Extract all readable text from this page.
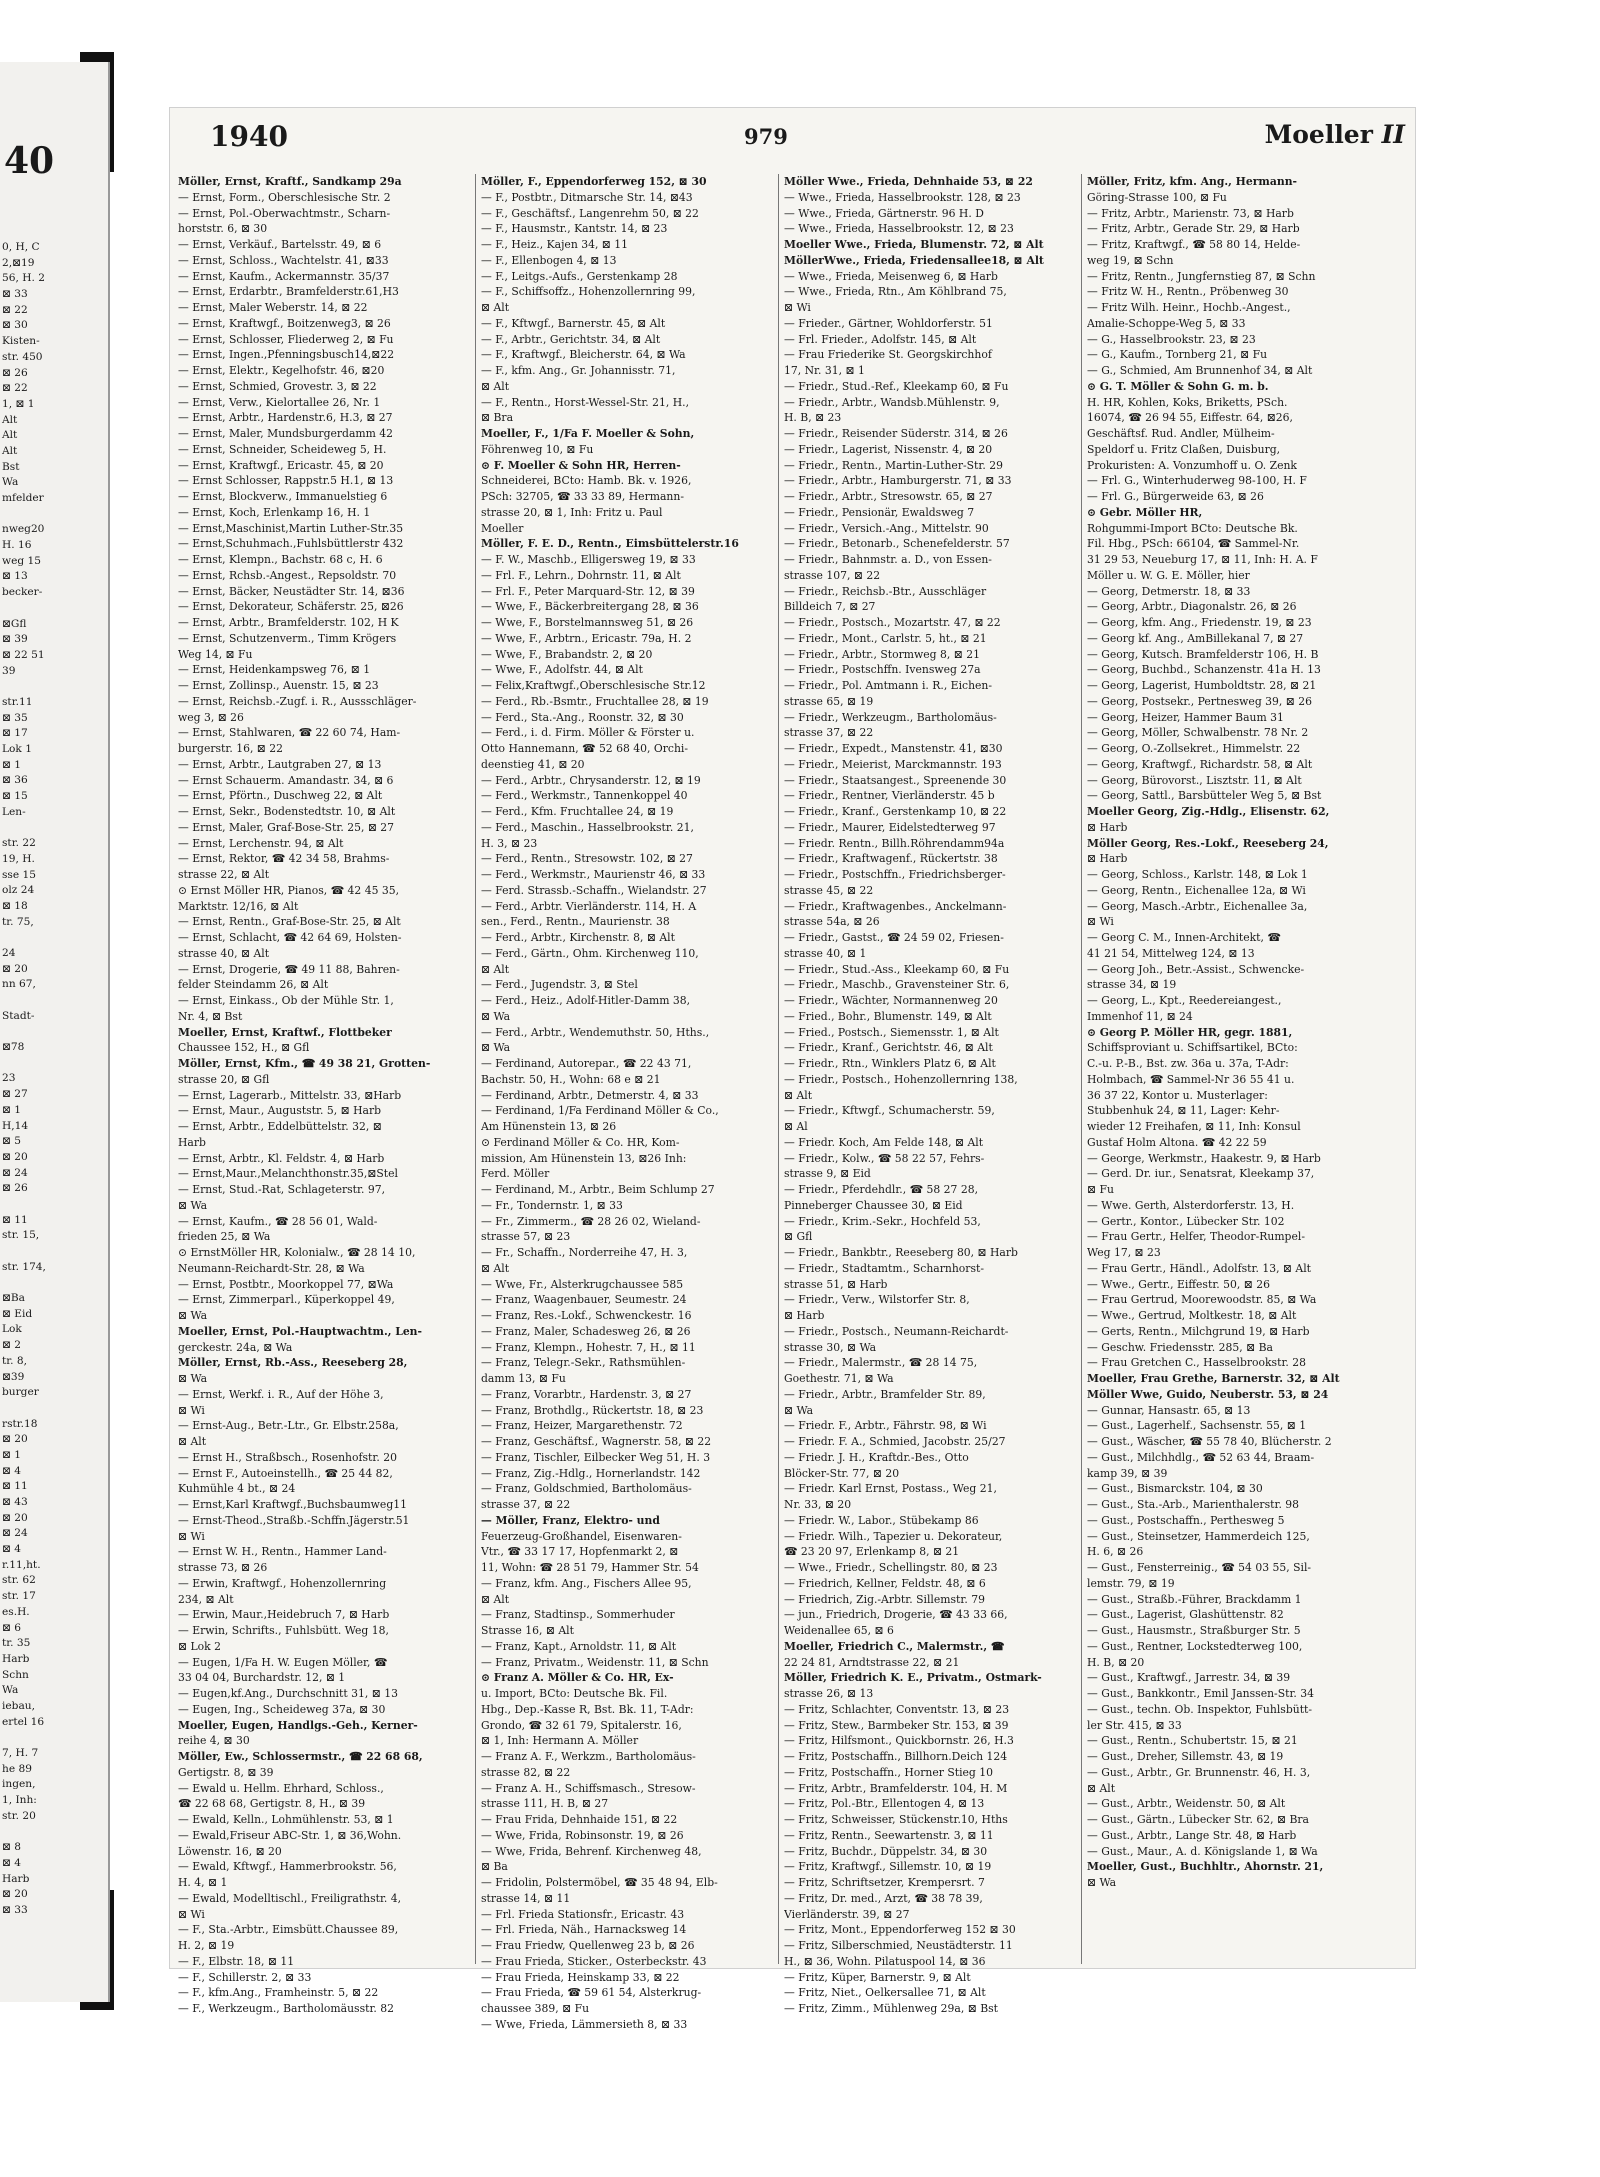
40
0, H, C
2,⊠19
56, H. 2
⊠ 33
⊠ 22
⊠ 30
Kisten-
str. 450
⊠ 26
⊠ 22
1, ⊠ 1
Alt
Alt
Alt
Bst
Wa
mfelder
nweg20
H. 16
weg 15
⊠ 13
becker-
⊠Gfl
⊠ 39
⊠ 22 51
39
str.11
⊠ 35
⊠ 17
Lok 1
⊠ 1
⊠ 36
⊠ 15
Len-
str. 22
19, H.
sse 15
olz 24
⊠ 18
tr. 75,
24
⊠ 20
nn 67,
Stadt-
⊠78
23
⊠ 27
⊠ 1
H,14
⊠ 5
⊠ 20
⊠ 24
⊠ 26
⊠ 11
str. 15,
str. 174,
⊠Ba
⊠ Eid
Lok
⊠ 2
tr. 8,
⊠39
burger
rstr.18
⊠ 20
⊠ 1
⊠ 4
⊠ 11
⊠ 43
⊠ 20
⊠ 24
⊠ 4
r.11,ht.
str. 62
str. 17
es.H.
⊠ 6
tr. 35
Harb
Schn
Wa
iebau,
ertel 16
7, H. 7
he 89
ingen,
1, Inh:
str. 20
⊠ 8
⊠ 4
Harb
⊠ 20
⊠ 33
1940	979	Moeller II
Möller, Ernst, Kraftf., Sandkamp 29a
— Ernst, Form., Oberschlesische Str. 2
— Ernst, Pol.-Oberwachtmstr., Scharn-
horststr. 6, ⊠ 30
— Ernst, Verkäuf., Bartelsstr. 49, ⊠ 6
— Ernst, Schloss., Wachtelstr. 41, ⊠33
— Ernst, Kaufm., Ackermannstr. 35/37
— Ernst, Erdarbtr., Bramfelderstr.61,H3
— Ernst, Maler Weberstr. 14, ⊠ 22
— Ernst, Kraftwgf., Boitzenweg3, ⊠ 26
— Ernst, Schlosser, Fliederweg 2, ⊠ Fu
— Ernst, Ingen.,Pfenningsbusch14,⊠22
— Ernst, Elektr., Kegelhofstr. 46, ⊠20
— Ernst, Schmied, Grovestr. 3, ⊠ 22
— Ernst, Verw., Kielortallee 26, Nr. 1
— Ernst, Arbtr., Hardenstr.6, H.3, ⊠ 27
— Ernst, Maler, Mundsburgerdamm 42
— Ernst, Schneider, Scheideweg 5, H.
— Ernst, Kraftwgf., Ericastr. 45, ⊠ 20
— Ernst Schlosser, Rappstr.5 H.1, ⊠ 13
— Ernst, Blockverw., Immanuelstieg 6
— Ernst, Koch, Erlenkamp 16, H. 1
— Ernst,Maschinist,Martin Luther-Str.35
— Ernst,Schuhmach.,Fuhlsbüttlerstr 432
— Ernst, Klempn., Bachstr. 68 c, H. 6
— Ernst, Rchsb.-Angest., Repsoldstr. 70
— Ernst, Bäcker, Neustädter Str. 14, ⊠36
— Ernst, Dekorateur, Schäferstr. 25, ⊠26
— Ernst, Arbtr., Bramfelderstr. 102, H K
— Ernst, Schutzenverm., Timm Krögers
Weg 14, ⊠ Fu
— Ernst, Heidenkampsweg 76, ⊠ 1
— Ernst, Zollinsp., Auenstr. 15, ⊠ 23
— Ernst, Reichsb.-Zugf. i. R., Aussschläger-
weg 3, ⊠ 26
— Ernst, Stahlwaren, ☎ 22 60 74, Ham-
burgerstr. 16, ⊠ 22
— Ernst, Arbtr., Lautgraben 27, ⊠ 13
— Ernst Schauerm. Amandastr. 34, ⊠ 6
— Ernst, Pförtn., Duschweg 22, ⊠ Alt
— Ernst, Sekr., Bodenstedtstr. 10, ⊠ Alt
— Ernst, Maler, Graf-Bose-Str. 25, ⊠ 27
— Ernst, Lerchenstr. 94, ⊠ Alt
— Ernst, Rektor, ☎ 42 34 58, Brahms-
strasse 22, ⊠ Alt
⊙ Ernst Möller HR, Pianos, ☎ 42 45 35,
Marktstr. 12/16, ⊠ Alt
— Ernst, Rentn., Graf-Bose-Str. 25, ⊠ Alt
— Ernst, Schlacht, ☎ 42 64 69, Holsten-
strasse 40, ⊠ Alt
— Ernst, Drogerie, ☎ 49 11 88, Bahren-
felder Steindamm 26, ⊠ Alt
— Ernst, Einkass., Ob der Mühle Str. 1,
Nr. 4, ⊠ Bst
Moeller, Ernst, Kraftwf., Flottbeker
Chaussee 152, H., ⊠ Gfl
Möller, Ernst, Kfm., ☎ 49 38 21, Grotten-
strasse 20, ⊠ Gfl
— Ernst, Lagerarb., Mittelstr. 33, ⊠Harb
— Ernst, Maur., Auguststr. 5, ⊠ Harb
— Ernst, Arbtr., Eddelbüttelstr. 32, ⊠
Harb
— Ernst, Arbtr., Kl. Feldstr. 4, ⊠ Harb
— Ernst,Maur.,Melanchthonstr.35,⊠Stel
— Ernst, Stud.-Rat, Schlageterstr. 97,
⊠ Wa
— Ernst, Kaufm., ☎ 28 56 01, Wald-
frieden 25, ⊠ Wa
⊙ ErnstMöller HR, Kolonialw., ☎ 28 14 10,
Neumann-Reichardt-Str. 28, ⊠ Wa
— Ernst, Postbtr., Moorkoppel 77, ⊠Wa
— Ernst, Zimmerparl., Küperkoppel 49,
⊠ Wa
Moeller, Ernst, Pol.-Hauptwachtm., Len-
gerckestr. 24a, ⊠ Wa
Möller, Ernst, Rb.-Ass., Reeseberg 28,
⊠ Wa
— Ernst, Werkf. i. R., Auf der Höhe 3,
⊠ Wi
— Ernst-Aug., Betr.-Ltr., Gr. Elbstr.258a,
⊠ Alt
— Ernst H., Straßbsch., Rosenhofstr. 20
— Ernst F., Autoeinstellh., ☎ 25 44 82,
Kuhmühle 4 bt., ⊠ 24
— Ernst,Karl Kraftwgf.,Buchsbaumweg11
— Ernst-Theod.,Straßb.-Schffn.Jägerstr.51
⊠ Wi
— Ernst W. H., Rentn., Hammer Land-
strasse 73, ⊠ 26
— Erwin, Kraftwgf., Hohenzollernring
234, ⊠ Alt
— Erwin, Maur.,Heidebruch 7, ⊠ Harb
— Erwin, Schrifts., Fuhlsbütt. Weg 18,
⊠ Lok 2
— Eugen, 1/Fa H. W. Eugen Möller, ☎
33 04 04, Burchardstr. 12, ⊠ 1
— Eugen,kf.Ang., Durchschnitt 31, ⊠ 13
— Eugen, Ing., Scheideweg 37a, ⊠ 30
Moeller, Eugen, Handlgs.-Geh., Kerner-
reihe 4, ⊠ 30
Möller, Ew., Schlossermstr., ☎ 22 68 68,
Gertigstr. 8, ⊠ 39
— Ewald u. Hellm. Ehrhard, Schloss.,
☎ 22 68 68, Gertigstr. 8, H., ⊠ 39
— Ewald, Kelln., Lohmühlenstr. 53, ⊠ 1
— Ewald,Friseur ABC-Str. 1, ⊠ 36,Wohn.
Löwenstr. 16, ⊠ 20
— Ewald, Kftwgf., Hammerbrookstr. 56,
H. 4, ⊠ 1
— Ewald, Modelltischl., Freiligrathstr. 4,
⊠ Wi
— F., Sta.-Arbtr., Eimsbütt.Chaussee 89,
H. 2, ⊠ 19
— F., Elbstr. 18, ⊠ 11
— F., Schillerstr. 2, ⊠ 33
— F., kfm.Ang., Framheinstr. 5, ⊠ 22
— F., Werkzeugm., Bartholomäusstr. 82
Möller, F., Eppendorferweg 152, ⊠ 30
— F., Postbtr., Ditmarsche Str. 14, ⊠43
— F., Geschäftsf., Langenrehm 50, ⊠ 22
— F., Hausmstr., Kantstr. 14, ⊠ 23
— F., Heiz., Kajen 34, ⊠ 11
— F., Ellenbogen 4, ⊠ 13
— F., Leitgs.-Aufs., Gerstenkamp 28
— F., Schiffsoffz., Hohenzollernring 99,
⊠ Alt
— F., Kftwgf., Barnerstr. 45, ⊠ Alt
— F., Arbtr., Gerichtstr. 34, ⊠ Alt
— F., Kraftwgf., Bleicherstr. 64, ⊠ Wa
— F., kfm. Ang., Gr. Johannisstr. 71,
⊠ Alt
— F., Rentn., Horst-Wessel-Str. 21, H.,
⊠ Bra
Moeller, F., 1/Fa F. Moeller & Sohn,
Föhrenweg 10, ⊠ Fu
⊙ F. Moeller & Sohn HR, Herren-
Schneiderei, BCto: Hamb. Bk. v. 1926,
PSch: 32705, ☎ 33 33 89, Hermann-
strasse 20, ⊠ 1, Inh: Fritz u. Paul
Moeller
Möller, F. E. D., Rentn., Eimsbüttelerstr.16
— F. W., Maschb., Elligersweg 19, ⊠ 33
— Frl. F., Lehrn., Dohrnstr. 11, ⊠ Alt
— Frl. F., Peter Marquard-Str. 12, ⊠ 39
— Wwe, F., Bäckerbreitergang 28, ⊠ 36
— Wwe, F., Borstelmannsweg 51, ⊠ 26
— Wwe, F., Arbtrn., Ericastr. 79a, H. 2
— Wwe, F., Brabandstr. 2, ⊠ 20
— Wwe, F., Adolfstr. 44, ⊠ Alt
— Felix,Kraftwgf.,Oberschlesische Str.12
— Ferd., Rb.-Bsmtr., Fruchtallee 28, ⊠ 19
— Ferd., Sta.-Ang., Roonstr. 32, ⊠ 30
— Ferd., i. d. Firm. Möller & Förster u.
Otto Hannemann, ☎ 52 68 40, Orchi-
deenstieg 41, ⊠ 20
— Ferd., Arbtr., Chrysanderstr. 12, ⊠ 19
— Ferd., Werkmstr., Tannenkoppel 40
— Ferd., Kfm. Fruchtallee 24, ⊠ 19
— Ferd., Maschin., Hasselbrookstr. 21,
H. 3, ⊠ 23
— Ferd., Rentn., Stresowstr. 102, ⊠ 27
— Ferd., Werkmstr., Maurienstr 46, ⊠ 33
— Ferd. Strassb.-Schaffn., Wielandstr. 27
— Ferd., Arbtr. Vierländerstr. 114, H. A
sen., Ferd., Rentn., Maurienstr. 38
— Ferd., Arbtr., Kirchenstr. 8, ⊠ Alt
— Ferd., Gärtn., Ohm. Kirchenweg 110,
⊠ Alt
— Ferd., Jugendstr. 3, ⊠ Stel
— Ferd., Heiz., Adolf-Hitler-Damm 38,
⊠ Wa
— Ferd., Arbtr., Wendemuthstr. 50, Hths.,
⊠ Wa
— Ferdinand, Autorepar., ☎ 22 43 71,
Bachstr. 50, H., Wohn: 68 e ⊠ 21
— Ferdinand, Arbtr., Detmerstr. 4, ⊠ 33
— Ferdinand, 1/Fa Ferdinand Möller & Co.,
Am Hünenstein 13, ⊠ 26
⊙ Ferdinand Möller & Co. HR, Kom-
mission, Am Hünenstein 13, ⊠26 Inh:
Ferd. Möller
— Ferdinand, M., Arbtr., Beim Schlump 27
— Fr., Tondernstr. 1, ⊠ 33
— Fr., Zimmerm., ☎ 28 26 02, Wieland-
strasse 57, ⊠ 23
— Fr., Schaffn., Norderreihe 47, H. 3,
⊠ Alt
— Wwe, Fr., Alsterkrugchaussee 585
— Franz, Waagenbauer, Seumestr. 24
— Franz, Res.-Lokf., Schwenckestr. 16
— Franz, Maler, Schadesweg 26, ⊠ 26
— Franz, Klempn., Hohestr. 7, H., ⊠ 11
— Franz, Telegr.-Sekr., Rathsmühlen-
damm 13, ⊠ Fu
— Franz, Vorarbtr., Hardenstr. 3, ⊠ 27
— Franz, Brothdlg., Rückertstr. 18, ⊠ 23
— Franz, Heizer, Margarethenstr. 72
— Franz, Geschäftsf., Wagnerstr. 58, ⊠ 22
— Franz, Tischler, Eilbecker Weg 51, H. 3
— Franz, Zig.-Hdlg., Hornerlandstr. 142
— Franz, Goldschmied, Bartholomäus-
strasse 37, ⊠ 22
— Möller, Franz, Elektro- und
Feuerzeug-Großhandel, Eisenwaren-
Vtr., ☎ 33 17 17, Hopfenmarkt 2, ⊠
11, Wohn: ☎ 28 51 79, Hammer Str. 54
— Franz, kfm. Ang., Fischers Allee 95,
⊠ Alt
— Franz, Stadtinsp., Sommerhuder
Strasse 16, ⊠ Alt
— Franz, Kapt., Arnoldstr. 11, ⊠ Alt
— Franz, Privatm., Weidenstr. 11, ⊠ Schn
⊙ Franz A. Möller & Co. HR, Ex-
u. Import, BCto: Deutsche Bk. Fil.
Hbg., Dep.-Kasse R, Bst. Bk. 11, T-Adr:
Grondo, ☎ 32 61 79, Spitalerstr. 16,
⊠ 1, Inh: Hermann A. Möller
— Franz A. F., Werkzm., Bartholomäus-
strasse 82, ⊠ 22
— Franz A. H., Schiffsmasch., Stresow-
strasse 111, H. B, ⊠ 27
— Frau Frida, Dehnhaide 151, ⊠ 22
— Wwe, Frida, Robinsonstr. 19, ⊠ 26
— Wwe, Frida, Behrenf. Kirchenweg 48,
⊠ Ba
— Fridolin, Polstermöbel, ☎ 35 48 94, Elb-
strasse 14, ⊠ 11
— Frl. Frieda Stationsfr., Ericastr. 43
— Frl. Frieda, Näh., Harnacksweg 14
— Frau Friedw, Quellenweg 23 b, ⊠ 26
— Frau Frieda, Sticker., Osterbeckstr. 43
— Frau Frieda, Heinskamp 33, ⊠ 22
— Frau Frieda, ☎ 59 61 54, Alsterkrug-
chaussee 389, ⊠ Fu
— Wwe, Frieda, Lämmersieth 8, ⊠ 33
Möller Wwe., Frieda, Dehnhaide 53, ⊠ 22
— Wwe., Frieda, Hasselbrookstr. 128, ⊠ 23
— Wwe., Frieda, Gärtnerstr. 96 H. D
— Wwe., Frieda, Hasselbrookstr. 12, ⊠ 23
Moeller Wwe., Frieda, Blumenstr. 72, ⊠ Alt
MöllerWwe., Frieda, Friedensallee18, ⊠ Alt
— Wwe., Frieda, Meisenweg 6, ⊠ Harb
— Wwe., Frieda, Rtn., Am Köhlbrand 75,
⊠ Wi
— Frieder., Gärtner, Wohldorferstr. 51
— Frl. Frieder., Adolfstr. 145, ⊠ Alt
— Frau Friederike St. Georgskirchhof
17, Nr. 31, ⊠ 1
— Friedr., Stud.-Ref., Kleekamp 60, ⊠ Fu
— Friedr., Arbtr., Wandsb.Mühlenstr. 9,
H. B, ⊠ 23
— Friedr., Reisender Süderstr. 314, ⊠ 26
— Friedr., Lagerist, Nissenstr. 4, ⊠ 20
— Friedr., Rentn., Martin-Luther-Str. 29
— Friedr., Arbtr., Hamburgerstr. 71, ⊠ 33
— Friedr., Arbtr., Stresowstr. 65, ⊠ 27
— Friedr., Pensionär, Ewaldsweg 7
— Friedr., Versich.-Ang., Mittelstr. 90
— Friedr., Betonarb., Schenefelderstr. 57
— Friedr., Bahnmstr. a. D., von Essen-
strasse 107, ⊠ 22
— Friedr., Reichsb.-Btr., Ausschläger
Billdeich 7, ⊠ 27
— Friedr., Postsch., Mozartstr. 47, ⊠ 22
— Friedr., Mont., Carlstr. 5, ht., ⊠ 21
— Friedr., Arbtr., Stormweg 8, ⊠ 21
— Friedr., Postschffn. Ivensweg 27a
— Friedr., Pol. Amtmann i. R., Eichen-
strasse 65, ⊠ 19
— Friedr., Werkzeugm., Bartholomäus-
strasse 37, ⊠ 22
— Friedr., Expedt., Manstenstr. 41, ⊠30
— Friedr., Meierist, Marckmannstr. 193
— Friedr., Staatsangest., Spreenende 30
— Friedr., Rentner, Vierländerstr. 45 b
— Friedr., Kranf., Gerstenkamp 10, ⊠ 22
— Friedr., Maurer, Eidelstedterweg 97
— Friedr. Rentn., Billh.Röhrendamm94a
— Friedr., Kraftwagenf., Rückertstr. 38
— Friedr., Postschffn., Friedrichsberger-
strasse 45, ⊠ 22
— Friedr., Kraftwagenbes., Anckelmann-
strasse 54a, ⊠ 26
— Friedr., Gastst., ☎ 24 59 02, Friesen-
strasse 40, ⊠ 1
— Friedr., Stud.-Ass., Kleekamp 60, ⊠ Fu
— Friedr., Maschb., Gravensteiner Str. 6,
— Friedr., Wächter, Normannenweg 20
— Fried., Bohr., Blumenstr. 149, ⊠ Alt
— Fried., Postsch., Siemensstr. 1, ⊠ Alt
— Friedr., Kranf., Gerichtstr. 46, ⊠ Alt
— Friedr., Rtn., Winklers Platz 6, ⊠ Alt
— Friedr., Postsch., Hohenzollernring 138,
⊠ Alt
— Friedr., Kftwgf., Schumacherstr. 59,
⊠ Al
— Friedr. Koch, Am Felde 148, ⊠ Alt
— Friedr., Kolw., ☎ 58 22 57, Fehrs-
strasse 9, ⊠ Eid
— Friedr., Pferdehdlr., ☎ 58 27 28,
Pinneberger Chaussee 30, ⊠ Eid
— Friedr., Krim.-Sekr., Hochfeld 53,
⊠ Gfl
— Friedr., Bankbtr., Reeseberg 80, ⊠ Harb
— Friedr., Stadtamtm., Scharnhorst-
strasse 51, ⊠ Harb
— Friedr., Verw., Wilstorfer Str. 8,
⊠ Harb
— Friedr., Postsch., Neumann-Reichardt-
strasse 30, ⊠ Wa
— Friedr., Malermstr., ☎ 28 14 75,
Goethestr. 71, ⊠ Wa
— Friedr., Arbtr., Bramfelder Str. 89,
⊠ Wa
— Friedr. F., Arbtr., Fährstr. 98, ⊠ Wi
— Friedr. F. A., Schmied, Jacobstr. 25/27
— Friedr. J. H., Kraftdr.-Bes., Otto
Blöcker-Str. 77, ⊠ 20
— Friedr. Karl Ernst, Postass., Weg 21,
Nr. 33, ⊠ 20
— Friedr. W., Labor., Stübekamp 86
— Friedr. Wilh., Tapezier u. Dekorateur,
☎ 23 20 97, Erlenkamp 8, ⊠ 21
— Wwe., Friedr., Schellingstr. 80, ⊠ 23
— Friedrich, Kellner, Feldstr. 48, ⊠ 6
— Friedrich, Zig.-Arbtr. Sillemstr. 79
— jun., Friedrich, Drogerie, ☎ 43 33 66,
Weidenallee 65, ⊠ 6
Moeller, Friedrich C., Malermstr., ☎
22 24 81, Arndtstrasse 22, ⊠ 21
Möller, Friedrich K. E., Privatm., Ostmark-
strasse 26, ⊠ 13
— Fritz, Schlachter, Conventstr. 13, ⊠ 23
— Fritz, Stew., Barmbeker Str. 153, ⊠ 39
— Fritz, Hilfsmont., Quickbornstr. 26, H.3
— Fritz, Postschaffn., Billhorn.Deich 124
— Fritz, Postschaffn., Horner Stieg 10
— Fritz, Arbtr., Bramfelderstr. 104, H. M
— Fritz, Pol.-Btr., Ellentogen 4, ⊠ 13
— Fritz, Schweisser, Stückenstr.10, Hths
— Fritz, Rentn., Seewartenstr. 3, ⊠ 11
— Fritz, Buchdr., Düppelstr. 34, ⊠ 30
— Fritz, Kraftwgf., Sillemstr. 10, ⊠ 19
— Fritz, Schriftsetzer, Krempersrt. 7
— Fritz, Dr. med., Arzt, ☎ 38 78 39,
Vierländerstr. 39, ⊠ 27
— Fritz, Mont., Eppendorferweg 152 ⊠ 30
— Fritz, Silberschmied, Neustädterstr. 11
H., ⊠ 36, Wohn. Pilatuspool 14, ⊠ 36
— Fritz, Küper, Barnerstr. 9, ⊠ Alt
— Fritz, Niet., Oelkersallee 71, ⊠ Alt
— Fritz, Zimm., Mühlenweg 29a, ⊠ Bst
Möller, Fritz, kfm. Ang., Hermann-
Göring-Strasse 100, ⊠ Fu
— Fritz, Arbtr., Marienstr. 73, ⊠ Harb
— Fritz, Arbtr., Gerade Str. 29, ⊠ Harb
— Fritz, Kraftwgf., ☎ 58 80 14, Helde-
weg 19, ⊠ Schn
— Fritz, Rentn., Jungfernstieg 87, ⊠ Schn
— Fritz W. H., Rentn., Pröbenweg 30
— Fritz Wilh. Heinr., Hochb.-Angest.,
Amalie-Schoppe-Weg 5, ⊠ 33
— G., Hasselbrookstr. 23, ⊠ 23
— G., Kaufm., Tornberg 21, ⊠ Fu
— G., Schmied, Am Brunnenhof 34, ⊠ Alt
⊙ G. T. Möller & Sohn G. m. b.
H. HR, Kohlen, Koks, Briketts, PSch.
16074, ☎ 26 94 55, Eiffestr. 64, ⊠26,
Geschäftsf. Rud. Andler, Mülheim-
Speldorf u. Fritz Claßen, Duisburg,
Prokuristen: A. Vonzumhoff u. O. Zenk
— Frl. G., Winterhuderweg 98-100, H. F
— Frl. G., Bürgerweide 63, ⊠ 26
⊙ Gebr. Möller HR,
Rohgummi-Import BCto: Deutsche Bk.
Fil. Hbg., PSch: 66104, ☎ Sammel-Nr.
31 29 53, Neueburg 17, ⊠ 11, Inh: H. A. F
Möller u. W. G. E. Möller, hier
— Georg, Detmerstr. 18, ⊠ 33
— Georg, Arbtr., Diagonalstr. 26, ⊠ 26
— Georg, kfm. Ang., Friedenstr. 19, ⊠ 23
— Georg kf. Ang., AmBillekanal 7, ⊠ 27
— Georg, Kutsch. Bramfelderstr 106, H. B
— Georg, Buchbd., Schanzenstr. 41a H. 13
— Georg, Lagerist, Humboldtstr. 28, ⊠ 21
— Georg, Postsekr., Pertnesweg 39, ⊠ 26
— Georg, Heizer, Hammer Baum 31
— Georg, Möller, Schwalbenstr. 78 Nr. 2
— Georg, O.-Zollsekret., Himmelstr. 22
— Georg, Kraftwgf., Richardstr. 58, ⊠ Alt
— Georg, Bürovorst., Lisztstr. 11, ⊠ Alt
— Georg, Sattl., Barsbütteler Weg 5, ⊠ Bst
Moeller Georg, Zig.-Hdlg., Elisenstr. 62,
⊠ Harb
Möller Georg, Res.-Lokf., Reeseberg 24,
⊠ Harb
— Georg, Schloss., Karlstr. 148, ⊠ Lok 1
— Georg, Rentn., Eichenallee 12a, ⊠ Wi
— Georg, Masch.-Arbtr., Eichenallee 3a,
⊠ Wi
— Georg C. M., Innen-Architekt, ☎
41 21 54, Mittelweg 124, ⊠ 13
— Georg Joh., Betr.-Assist., Schwencke-
strasse 34, ⊠ 19
— Georg, L., Kpt., Reedereiangest.,
Immenhof 11, ⊠ 24
⊙ Georg P. Möller HR, gegr. 1881,
Schiffsproviant u. Schiffsartikel, BCto:
C.-u. P.-B., Bst. zw. 36a u. 37a, T-Adr:
Holmbach, ☎ Sammel-Nr 36 55 41 u.
36 37 22, Kontor u. Musterlager:
Stubbenhuk 24, ⊠ 11, Lager: Kehr-
wieder 12 Freihafen, ⊠ 11, Inh: Konsul
Gustaf Holm Altona. ☎ 42 22 59
— George, Werkmstr., Haakestr. 9, ⊠ Harb
— Gerd. Dr. iur., Senatsrat, Kleekamp 37,
⊠ Fu
— Wwe. Gerth, Alsterdorferstr. 13, H.
— Gertr., Kontor., Lübecker Str. 102
— Frau Gertr., Helfer, Theodor-Rumpel-
Weg 17, ⊠ 23
— Frau Gertr., Händl., Adolfstr. 13, ⊠ Alt
— Wwe., Gertr., Eiffestr. 50, ⊠ 26
— Frau Gertrud, Moorewoodstr. 85, ⊠ Wa
— Wwe., Gertrud, Moltkestr. 18, ⊠ Alt
— Gerts, Rentn., Milchgrund 19, ⊠ Harb
— Geschw. Friedensstr. 285, ⊠ Ba
— Frau Gretchen C., Hasselbrookstr. 28
Moeller, Frau Grethe, Barnerstr. 32, ⊠ Alt
Möller Wwe, Guido, Neuberstr. 53, ⊠ 24
— Gunnar, Hansastr. 65, ⊠ 13
— Gust., Lagerhelf., Sachsenstr. 55, ⊠ 1
— Gust., Wäscher, ☎ 55 78 40, Blücherstr. 2
— Gust., Milchhdlg., ☎ 52 63 44, Braam-
kamp 39, ⊠ 39
— Gust., Bismarckstr. 104, ⊠ 30
— Gust., Sta.-Arb., Marienthalerstr. 98
— Gust., Postschaffn., Perthesweg 5
— Gust., Steinsetzer, Hammerdeich 125,
H. 6, ⊠ 26
— Gust., Fensterreinig., ☎ 54 03 55, Sil-
lemstr. 79, ⊠ 19
— Gust., Straßb.-Führer, Brackdamm 1
— Gust., Lagerist, Glashüttenstr. 82
— Gust., Hausmstr., Straßburger Str. 5
— Gust., Rentner, Lockstedterweg 100,
H. B, ⊠ 20
— Gust., Kraftwgf., Jarrestr. 34, ⊠ 39
— Gust., Bankkontr., Emil Janssen-Str. 34
— Gust., techn. Ob. Inspektor, Fuhlsbütt-
ler Str. 415, ⊠ 33
— Gust., Rentn., Schubertstr. 15, ⊠ 21
— Gust., Dreher, Sillemstr. 43, ⊠ 19
— Gust., Arbtr., Gr. Brunnenstr. 46, H. 3,
⊠ Alt
— Gust., Arbtr., Weidenstr. 50, ⊠ Alt
— Gust., Gärtn., Lübecker Str. 62, ⊠ Bra
— Gust., Arbtr., Lange Str. 48, ⊠ Harb
— Gust., Maur., A. d. Königslande 1, ⊠ Wa
Moeller, Gust., Buchhltr., Ahornstr. 21,
⊠ Wa
